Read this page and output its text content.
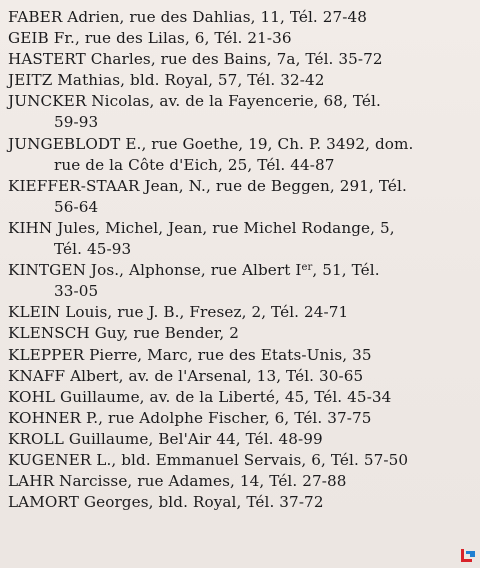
FABER Adrien, rue des Dahlias, 11, Tél. 27-48
GEIB Fr., rue des Lilas, 6, Tél. 21-36
HASTERT Charles, rue des Bains, 7a, Tél. 35-72
JEITZ Mathias, bld. Royal, 57, Tél. 32-42
JUNCKER Nicolas, av. de la Fayencerie, 68, Tél.
59-93
JUNGEBLODT E., rue Goethe, 19, Ch. P. 3492, dom.
rue de la Côte d'Eich, 25, Tél. 44-87
KIEFFER-STAAR Jean, N., rue de Beggen, 291, Tél.
56-64
KIHN Jules, Michel, Jean, rue Michel Rodange, 5,
Tél. 45-93
KINTGEN Jos., Alphonse, rue Albert Ier, 51, Tél.
33-05
KLEIN Louis, rue J. B., Fresez, 2, Tél. 24-71
KLENSCH Guy, rue Bender, 2
KLEPPER Pierre, Marc, rue des Etats-Unis, 35
KNAFF Albert, av. de l'Arsenal, 13, Tél. 30-65
KOHL Guillaume, av. de la Liberté, 45, Tél. 45-34
KOHNER P., rue Adolphe Fischer, 6, Tél. 37-75
KROLL Guillaume, Bel'Air 44, Tél. 48-99
KUGENER L., bld. Emmanuel Servais, 6, Tél. 57-50
LAHR Narcisse, rue Adames, 14, Tél. 27-88
LAMORT Georges, bld. Royal, Tél. 37-72
